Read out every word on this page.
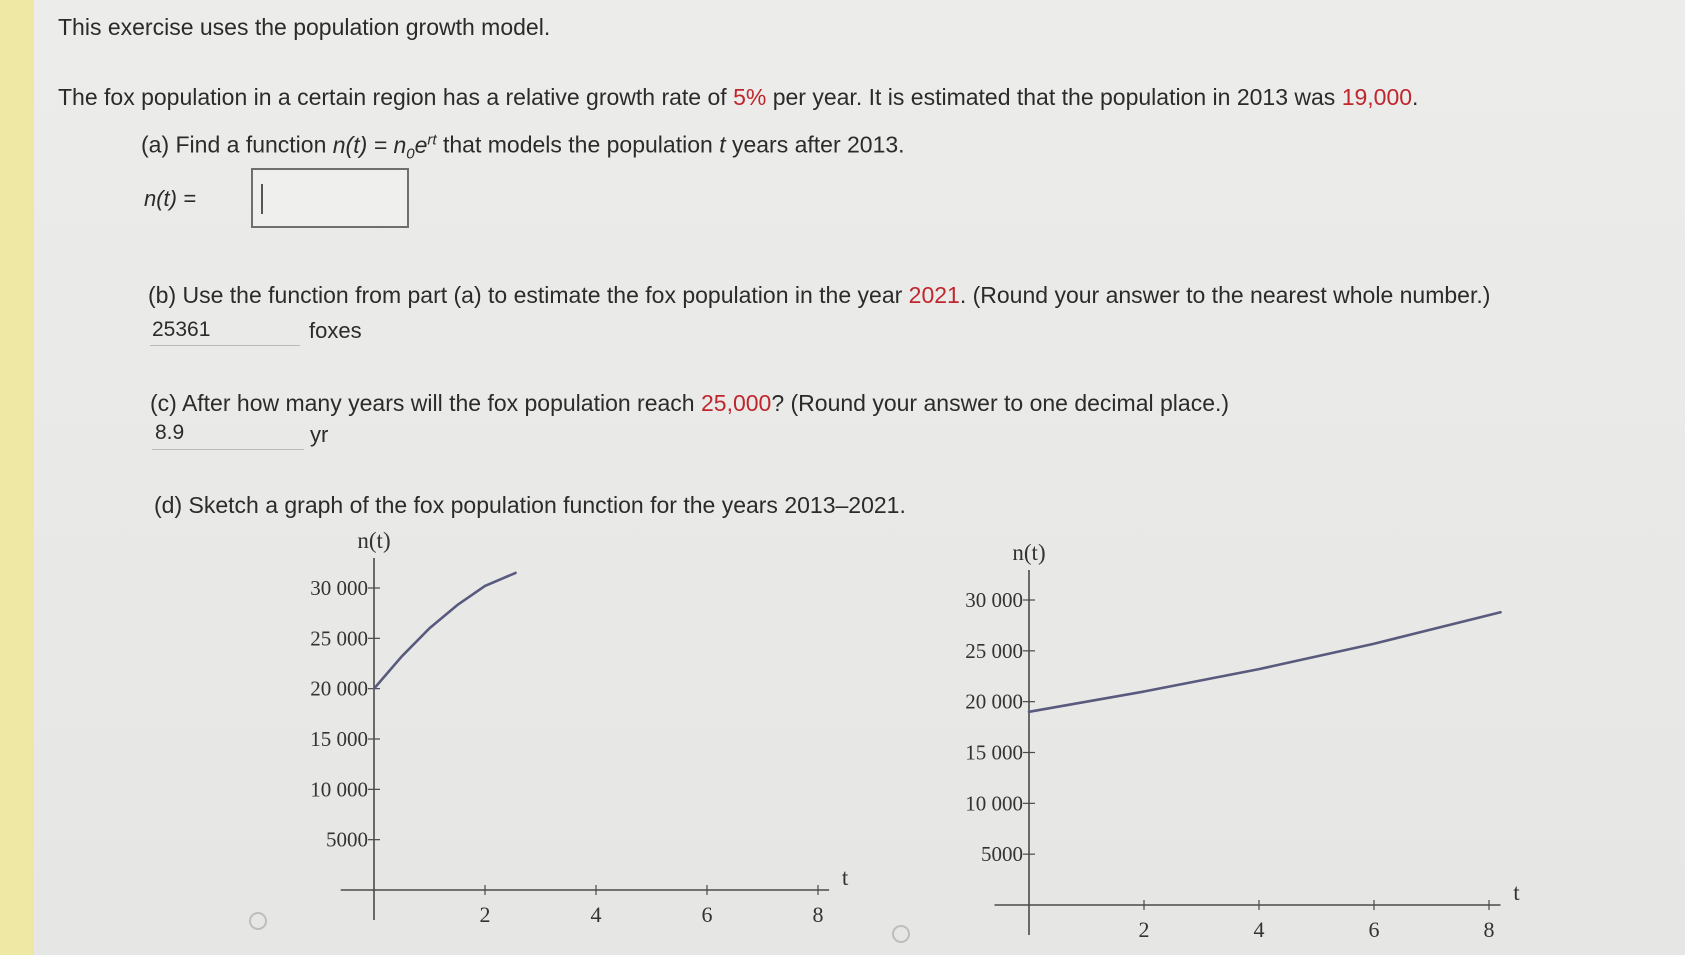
This exercise uses the population growth model.
The fox population in a certain region has a relative growth rate of 5% per year. It is estimated that the population in 2013 was 19,000.
(a) Find a function $n(t) = n_0e^{rt}$ that models the population t years after 2013.
n(t) =
(b) Use the function from part (a) to estimate the fox population in the year 2021. (Round your answer to the nearest whole number.)
25361	foxes
(c) After how many years will the fox population reach 25,000? (Round your answer to one decimal place.)
8.9	yr
(d) Sketch a graph of the fox population function for the years 2013–2021.
2	4	6	8
5000
10 000
15 000
20 000
25 000
30 000
n(t)
t
2	4	6	8
5000
10 000
15 000
20 000
25 000
30 000
n(t)
t
